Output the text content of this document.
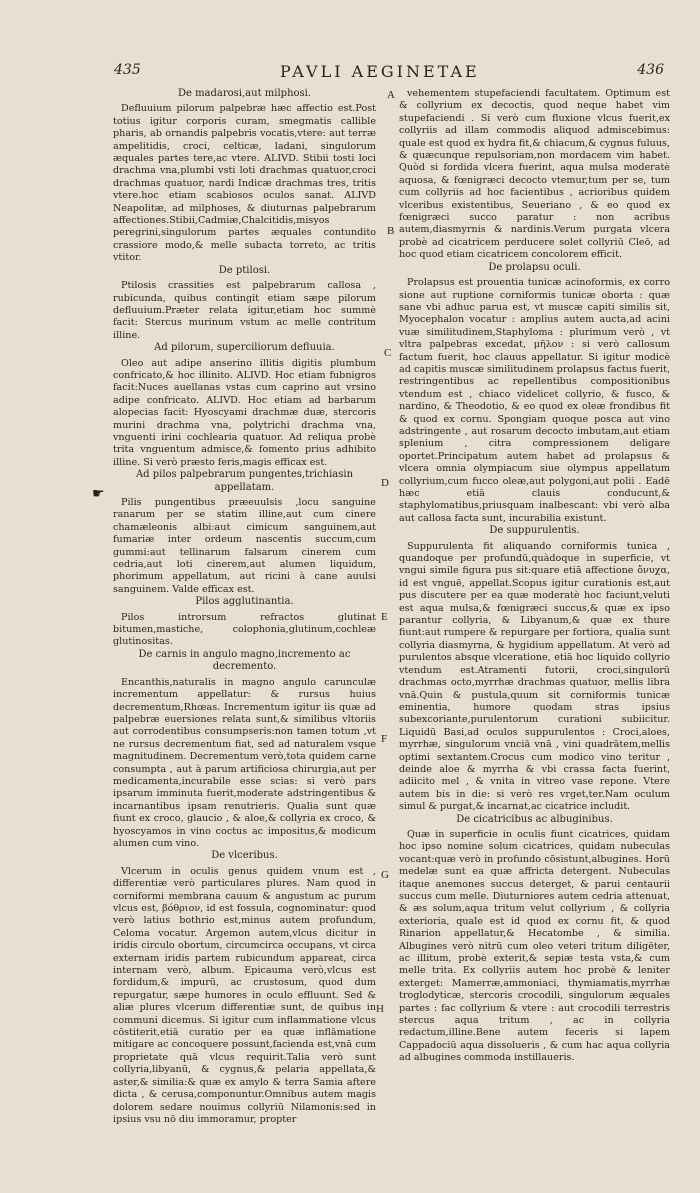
435	PAVLI AEGINETAE	436
De madarosi,aut milphosi.

Defluuium pilorum palpebræ hæc affectio est.Post totius igitur corporis curam, smegmatis callible pharis, ab ornandis palpebris vocatis,vtere: aut terræ ampelitidis, croci, celticæ, ladani, singulorum æquales partes tere,ac vtere. ALIVD. Stibii tosti loci drachma vna,plumbi vsti loti drachmas quatuor,croci drachmas quatuor, nardi Indicæ drachmas tres, tritis vtere.hoc etiam scabiosos oculos sanat. ALIVD Neapolitæ, ad milphoses, & diuturnas palpebrarum affectiones.Stibii,Cadmiæ,Chalcitidis,misyos peregrini,singulorum partes æquales contundito crassiore modo,& melle subacta torreto, ac tritis vtitor.

De ptilosi.

Ptilosis crassities est palpebrarum callosa , rubicunda, quibus contingit etiam sæpe pilorum defluuium.Præter relata igitur,etiam hoc summè facit: Stercus murinum vstum ac melle contritum illine.

Ad pilorum, superciliorum defluuia.

Oleo aut adipe anserino illitis digitis plumbum confricato,& hoc illinito. ALIVD. Hoc etiam fubnigros facit:Nuces auellanas vstas cum caprino aut vrsino adipe confricato. ALIVD. Hoc etiam ad barbarum alopecias facit: Hyoscyami drachmæ duæ, stercoris murini drachma vna, polytrichi drachma vna, vnguenti irini cochlearia quatuor. Ad reliqua probè trita vnguentum admisce,& fomento prius adhibito illine. Si verò præsto feris,magis efficax est.

Ad pilos palpebrarum pungentes,trichiasin appellatam.

Pilis pungentibus præeuulsis ,locu sanguine ranarum per se statim illine,aut cum cinere chamæleonis albi:aut cimicum sanguinem,aut fumariæ inter ordeum nascentis succum,cum gummi:aut tellinarum falsarum cinerem cum cedria,aut loti cinerem,aut alumen liquidum, phorimum appellatum, aut ricini à cane auulsi sanguinem. Valde efficax est.

Pilos agglutinantia.

Pilos introrsum refractos glutinat bitumen,mastiche, colophonia,glutinum,cochleæ glutinositas.

De carnis in angulo magno,incremento ac decremento.

Encanthis,naturalis in magno angulo carunculæ incrementum appellatur: & rursus huius decrementum,Rhœas. Incrementum igitur iis quæ ad palpebræ euersiones relata sunt,& similibus vltoriis aut corrodentibus consumpseris:non tamen totum ,vt ne rursus decrementum fiat, sed ad naturalem vsque magnitudinem. Decrementum verò,tota quidem carne consumpta , aut à parum artificiosa chirurgia,aut per medicamenta,incurabile esse scias: si verò pars ipsarum imminuta fuerit,moderate adstringentibus & incarnantibus ipsam renutrieris. Qualia sunt quæ fiunt ex croco, glaucio , & aloe,& collyria ex croco, & hyoscyamos in vino coctus ac impositus,& modicum alumen cum vino.

De vlceribus.

Vlcerum in oculis genus quidem vnum est , differentiæ verò particulares plures. Nam quod in corniformi membrana cauum & angustum ac purum vlcus est, βόθριον, id est fossula, cognominatur: quod verò latius bothrio est,minus autem profundum, Celoma vocatur. Argemon autem,vlcus dicitur in iridis circulo obortum, circumcirca occupans, vt circa externam iridis partem rubicundum appareat, circa internam verò, album. Epicauma verò,vlcus est fordidum,& impurū, ac crustosum, quod dum repurgatur, sæpe humores in oculo effluunt. Sed & aliæ plures vlcerum differentiæ sunt, de quibus in communi dicemus. Si igitur cum inflammatione vlcus cōstiterit,etiā curatio per ea quæ inflāmatione mitigare ac concoquere possunt,facienda est,vnā cum proprietate quā vlcus requirit.Talia verò sunt collyria,libyanū, & cygnus,& pelaria appellata,& aster,& similia:& quæ ex amylo & terra Samia aftere dicta , & cerusa,componuntur.Omnibus autem magis dolorem sedare nouimus collyriū Nilamonis:sed in ipsius vsu nō diu immoramur, propter

vehementem stupefaciendi facultatem. Optimum est & collyrium ex decoctis, quod neque habet vim stupefaciendi . Si verò cum fluxione vlcus fuerit,ex collyriis ad illam commodis aliquod admiscebimus: quale est quod ex hydra fit,& chiacum,& cygnus fuluus, & quæcunque repulsoriam,non mordacem vim habet. Quòd si fordida vlcera fuerint, aqua mulsa moderatè aquosa, & fœnigræci decocto vtemur,tum per se, tum cum collyriis ad hoc facientibus , acrioribus quidem vlceribus existentibus, Seueriano , & eo quod ex fœnigræci succo paratur : non acribus autem,diasmyrnis & nardinis.Verum purgata vlcera probè ad cicatricem perducere solet collyriū Cleō, ad hoc quod etiam cicatricem concolorem efficit.

De prolapsu oculi.

Prolapsus est prouentia tunicæ acinoformis, ex corro sione aut ruptione corniformis tunicæ oborta : quæ sane vbi adhuc parua est, vt muscæ capiti similis sit, Myocephalon vocatur : amplius autem aucta,ad acini vuæ similitudinem,Staphyloma : plurimum verò , vt vltra palpebras excedat, μῆλον : si verò callosum factum fuerit, hoc clauus appellatur. Si igitur modicè ad capitis muscæ similitudinem prolapsus factus fuerit, restringentibus ac repellentibus compositionibus vtendum est , chiaco videlicet collyrio, & fusco, & nardino, & Theodotio, & eo quod ex oleæ frondibus fit & quod ex cornu. Spongiam quoque posca aut vino adstringente , aut rosarum decocto imbutam,aut etiam splenium , citra compressionem deligare oportet.Principatum autem habet ad prolapsus & vlcera omnia olympiacum siue olympus appellatum collyrium,cum fucco oleæ,aut polygoni,aut polii . Eadē hæc etiā clauis conducunt,& staphylomatibus,priusquam inalbescant: vbi verò alba aut callosa facta sunt, incurabilia existunt.

De suppurulentis.

Suppurulenta fit aliquando corniformis tunica , quandoque per profundū,quàdoque in superficie, vt vngui simile figura pus sit:quare etiā affectione ὄνυχα, id est vnguē, appellat.Scopus igitur curationis est,aut pus discutere per ea quæ moderatè hoc faciunt,veluti est aqua mulsa,& fœnigræci succus,& quæ ex ipso parantur collyria, & Libyanum,& quæ ex thure fiunt:aut rumpere & repurgare per fortiora, qualia sunt collyria diasmyrna, & hygidium appellatum. At verò ad purulentos absque vlceratione, etiā hoc liquido collyrio vtendum est.Atramenti futorii, croci,singulorū drachmas octo,myrrhæ drachmas quatuor, mellis libra vnā.Quin & pustula,quum sit corniformis tunicæ eminentia, humore quodam stras ipsius subexcoriante,purulentorum curationi subiicitur. Liquidū Basi,ad oculos suppurulentos : Croci,aloes, myrrhæ, singulorum vnciā vnā , vini quadrātem,mellis optimi sextantem.Crocus cum modico vino teritur , deinde aloe & myrrha & vbi crassa facta fuerint, adiicito mel , & vnita in vitreo vase repone. Vtere autem bis in die: si verò res vrget,ter.Nam oculum simul & purgat,& incarnat,ac cicatrice includit.

De cicatricibus ac albuginibus.

Quæ in superficie in oculis fiunt cicatrices, quidam hoc ipso nomine solum cicatrices, quidam nubeculas vocant:quæ verò in profundo cōsistunt,albugines. Horū medelæ sunt ea quæ affricta detergent. Nubeculas itaque anemones succus deterget, & parui centaurii succus cum melle. Diuturniores autem cedria attenuat, & æs solum,aqua tritum velut collyrium , & collyria exterioria, quale est id quod ex cornu fit, & quod Rinarion appellatur,& Hecatombe , & similia. Albugines verò nitrū cum oleo veteri tritum diligēter, ac illitum, probè exterit,& sepiæ testa vsta,& cum melle trita. Ex collyriis autem hoc probè & leniter exterget: Mamerræ,ammoniaci, thymiamatis,myrrhæ troglodyticæ, stercoris crocodili, singulorum æquales partes : fac collyrium & vtere : aut crocodili terrestris stercus aqua tritum , ac in collyria redactum,illine.Bene autem feceris si lapem Cappadociū aqua dissolueris , & cum hac aqua collyria ad albugines commoda instillaueris.

A
B
C
D
E
F
G
H
☛
